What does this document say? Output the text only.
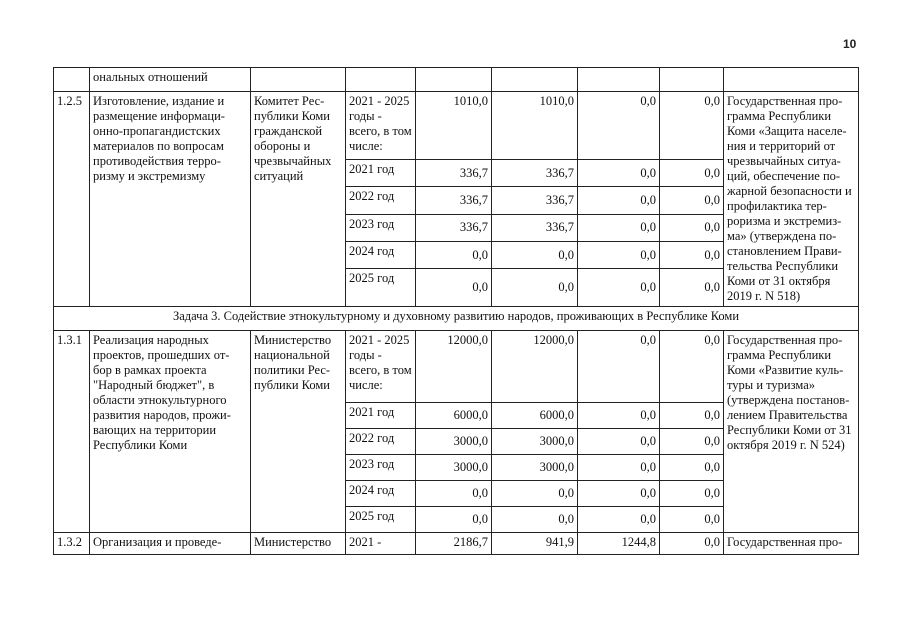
10
	ональных отношений							
1.2.5	Изготовление, издание и размещение информаци-онно-пропагандистских материалов по вопросам противодействия терро-ризму и экстремизму	Комитет Рес-публики Коми гражданской обороны и чрезвычайных ситуаций	2021 - 2025 годы - всего, в том числе:	1010,0	1010,0	0,0	0,0	Государственная про-грамма Республики Коми «Защита населе-ния и территорий от чрезвычайных ситуа-ций, обеспечение по-жарной безопасности и профилактика тер-роризма и экстремиз-ма» (утверждена по-становлением Прави-тельства Республики Коми от 31 октября 2019 г. N 518)
			2021 год	336,7	336,7	0,0	0,0	
			2022 год	336,7	336,7	0,0	0,0	
			2023 год	336,7	336,7	0,0	0,0	
			2024 год	0,0	0,0	0,0	0,0	
			2025 год	0,0	0,0	0,0	0,0	
Задача 3. Содействие этнокультурному и духовному развитию народов, проживающих в Республике Коми								
1.3.1	Реализация народных проектов, прошедших от-бор в рамках проекта "Народный бюджет", в области этнокультурного развития народов, прожи-вающих на территории Республики Коми	Министерство национальной политики Рес-публики Коми	2021 - 2025 годы - всего, в том числе:	12000,0	12000,0	0,0	0,0	Государственная про-грамма Республики Коми «Развитие куль-туры и туризма» (утверждена постанов-лением Правительства Республики Коми от 31 октября 2019 г. N 524)
			2021 год	6000,0	6000,0	0,0	0,0	
			2022 год	3000,0	3000,0	0,0	0,0	
			2023 год	3000,0	3000,0	0,0	0,0	
			2024 год	0,0	0,0	0,0	0,0	
			2025 год	0,0	0,0	0,0	0,0	
1.3.2	Организация и проведе-	Министерство	2021 -	2186,7	941,9	1244,8	0,0	Государственная про-
